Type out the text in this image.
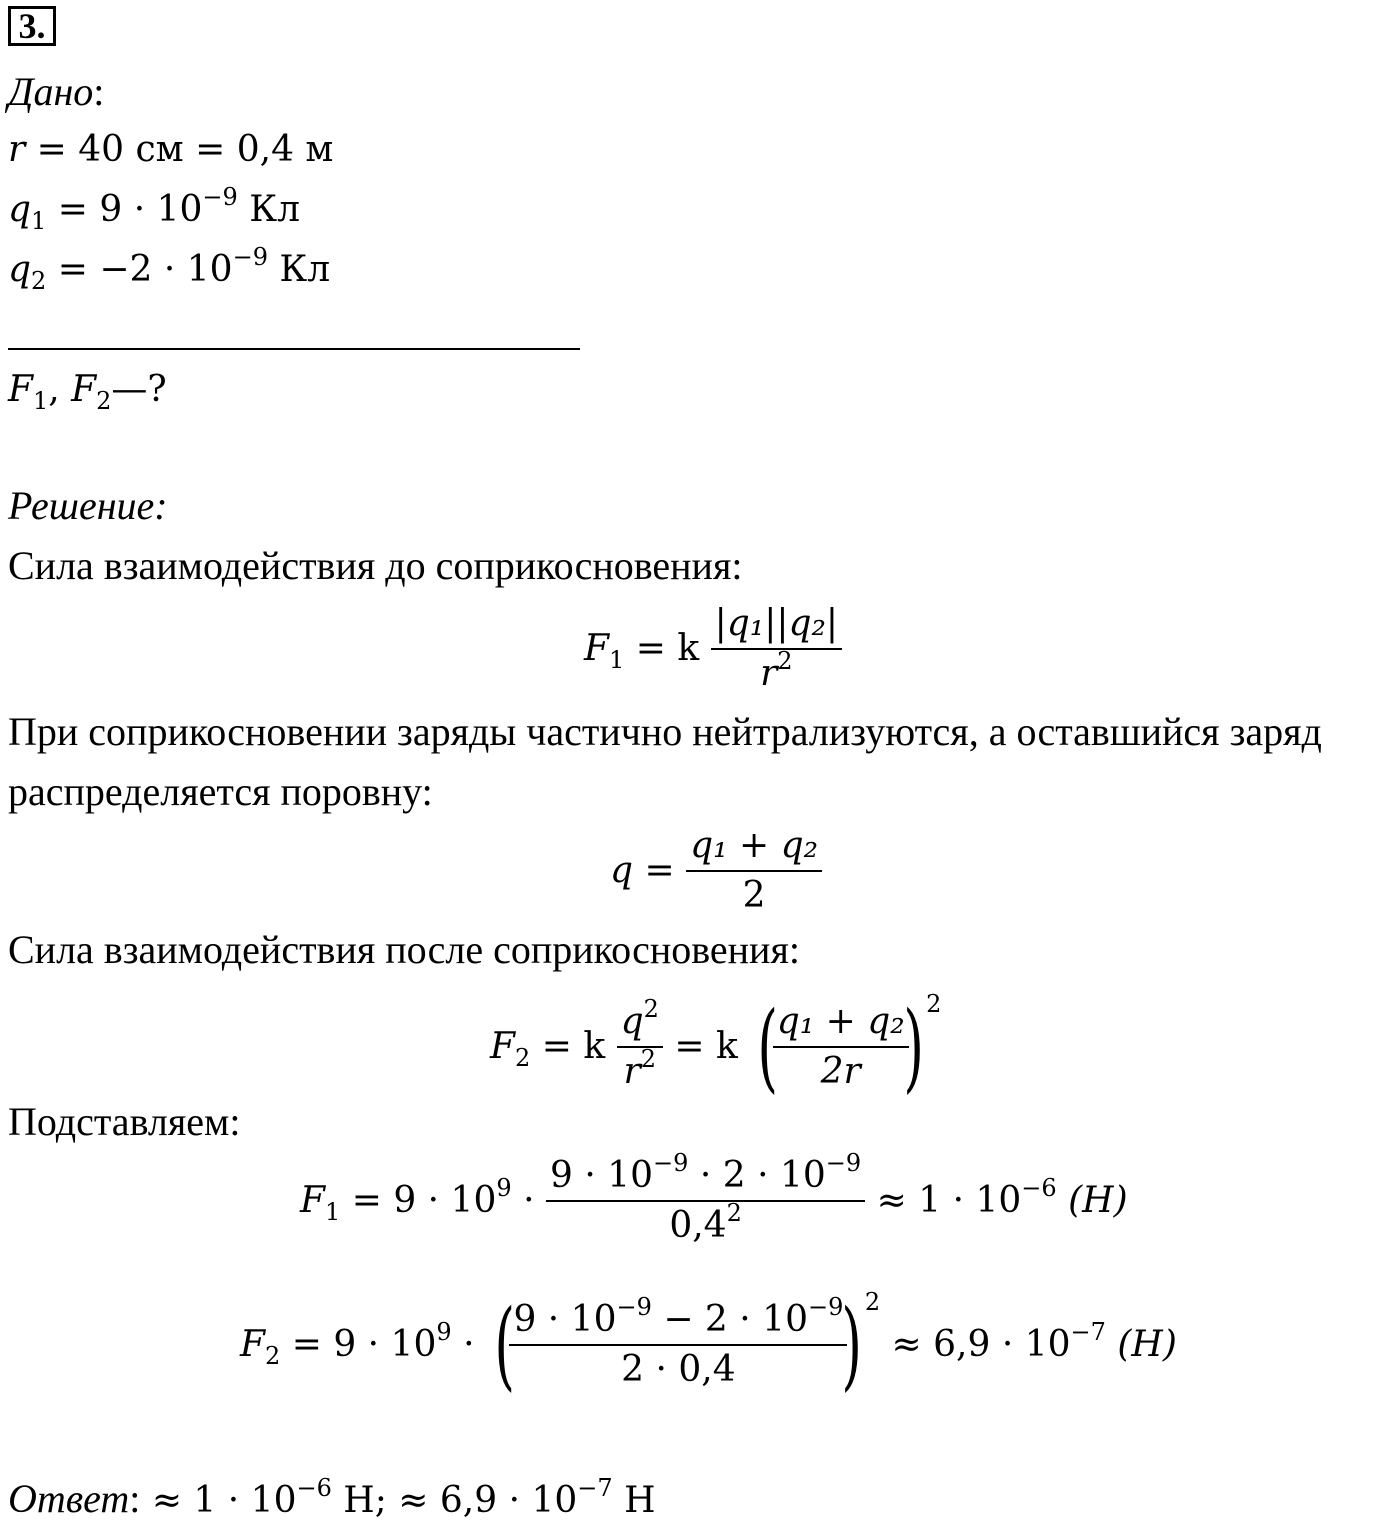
3.
Дано:
r = 40 см = 0,4 м
$q_1 = 9 \cdot 10^{-9}$ Кл
$q_2 = -2 \cdot 10^{-9}$ Кл
$F_1$, $F_2—$?
Решение:
Сила взаимодействия до соприкосновения:
$F_1 = k \frac{\text{|q₁||q₂|}}{r^2}$
При соприкосновении заряды частично нейтрализуются, а оставшийся заряд
распределяется поровну:
$q = \frac{\text{q₁ + q₂}}{2}$
Сила взаимодействия после соприкосновения:
$F_2 = k \frac{q^2}{r^2} = k$ (
$\frac{\text{q₁ + q₂}}{2r}$
) 2
Подставляем:
$F_1 = 9 \cdot 10^9 \cdot \frac{9 \cdot 10^{-9} \cdot 2 \cdot 10^{-9}}{0,4^2} \approx 1 \cdot 10^{-6}$ (H)
$F_2 = 9 \cdot 10^9$ · (
$\frac{9 \cdot 10^{-9} - 2 \cdot 10^{-9}}{2 \cdot 0,4}$
) $2 \approx 6,9 \cdot 10^{-7}$ (H)
Ответ: ≈ $1 \cdot 10^{-6}$ Н; ≈ $6,9 \cdot 10^{-7}$ Н
